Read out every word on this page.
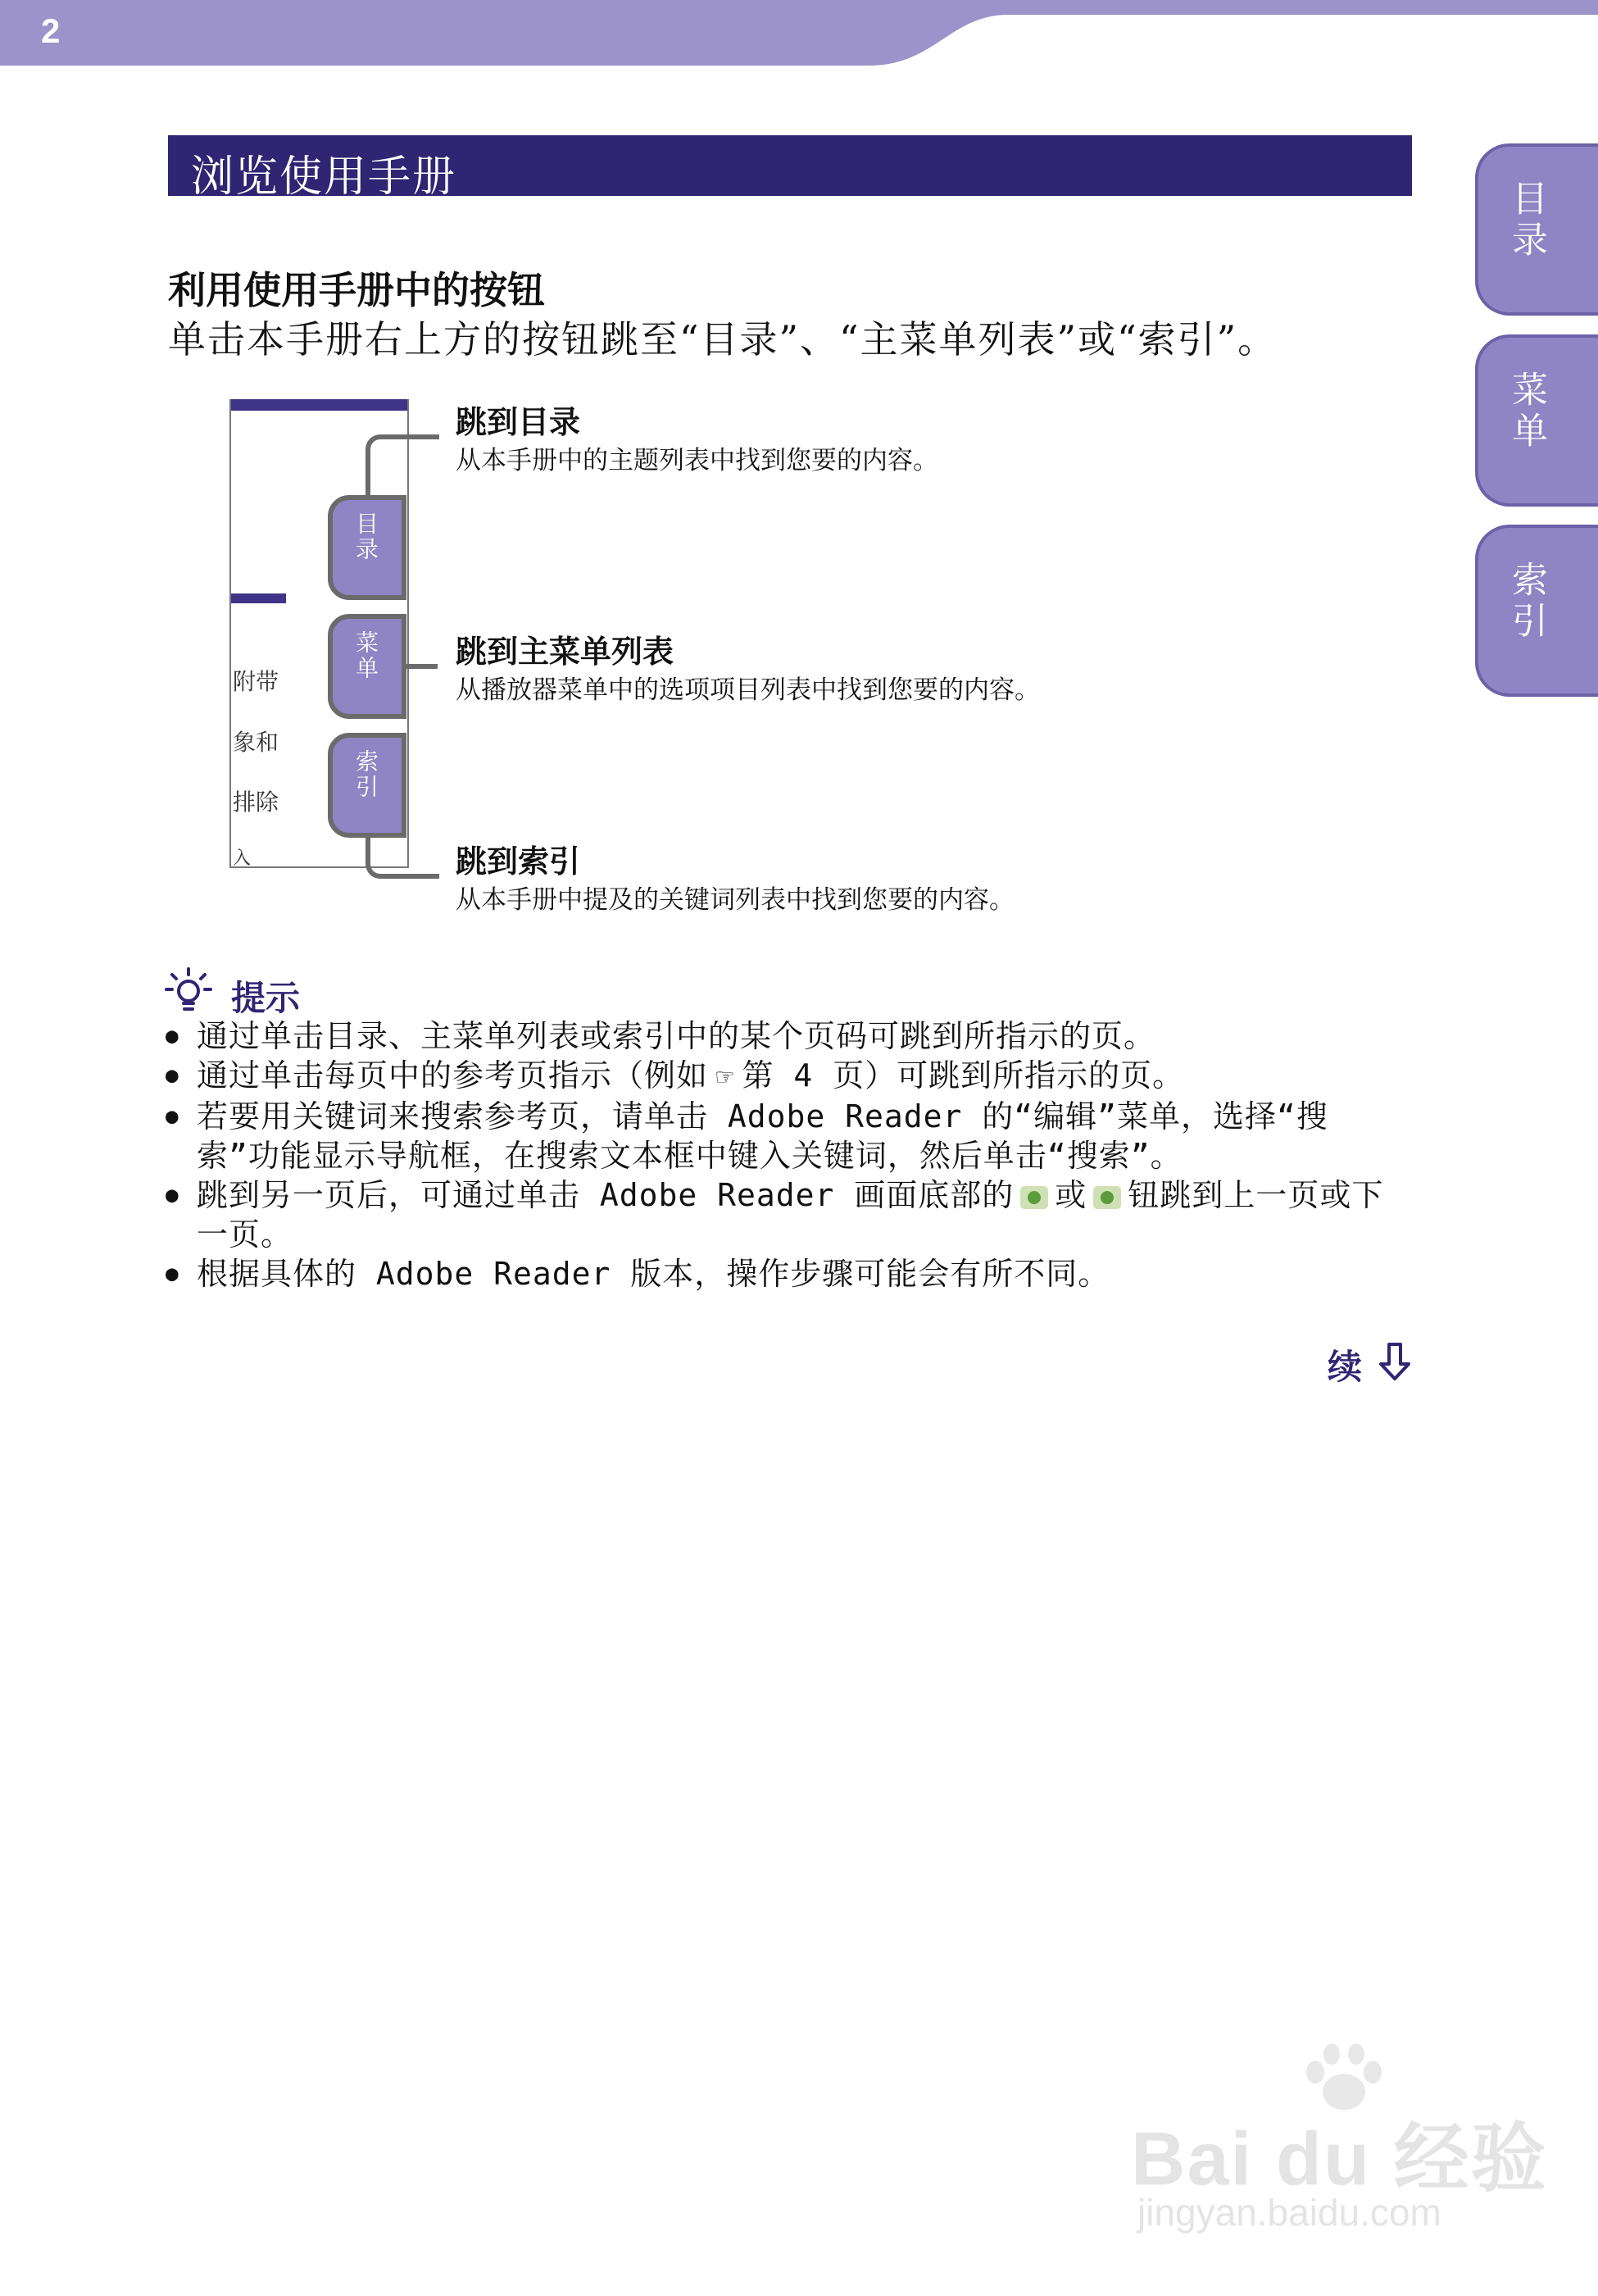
2
浏览使用手册
目录
菜单
索引
利用使用手册中的按钮
单击本手册右上方的按钮跳至“目录”、“主菜单列表”或“索引”。
附带
象和
排除
入
目录
菜单
索引
跳到目录
从本手册中的主题列表中找到您要的内容。
跳到主菜单列表
从播放器菜单中的选项项目列表中找到您要的内容。
跳到索引
从本手册中提及的关键词列表中找到您要的内容。
提示
● 通过单击目录、主菜单列表或索引中的某个页码可跳到所指示的页。
● 通过单击每页中的参考页指示（例如 ☞ 第 4 页）可跳到所指示的页。
● 若要用关键词来搜索参考页，请单击 Adobe Reader 的“编辑”菜单，选择“搜索”功能显示导航框，在搜索文本框中键入关键词，然后单击“搜索”。
● 跳到另一页后，可通过单击 Adobe Reader 画面底部的 或 钮跳到上一页或下一页。
● 根据具体的 Adobe Reader 版本，操作步骤可能会有所不同。
续
Bai du 经验
jingyan.baidu.com
